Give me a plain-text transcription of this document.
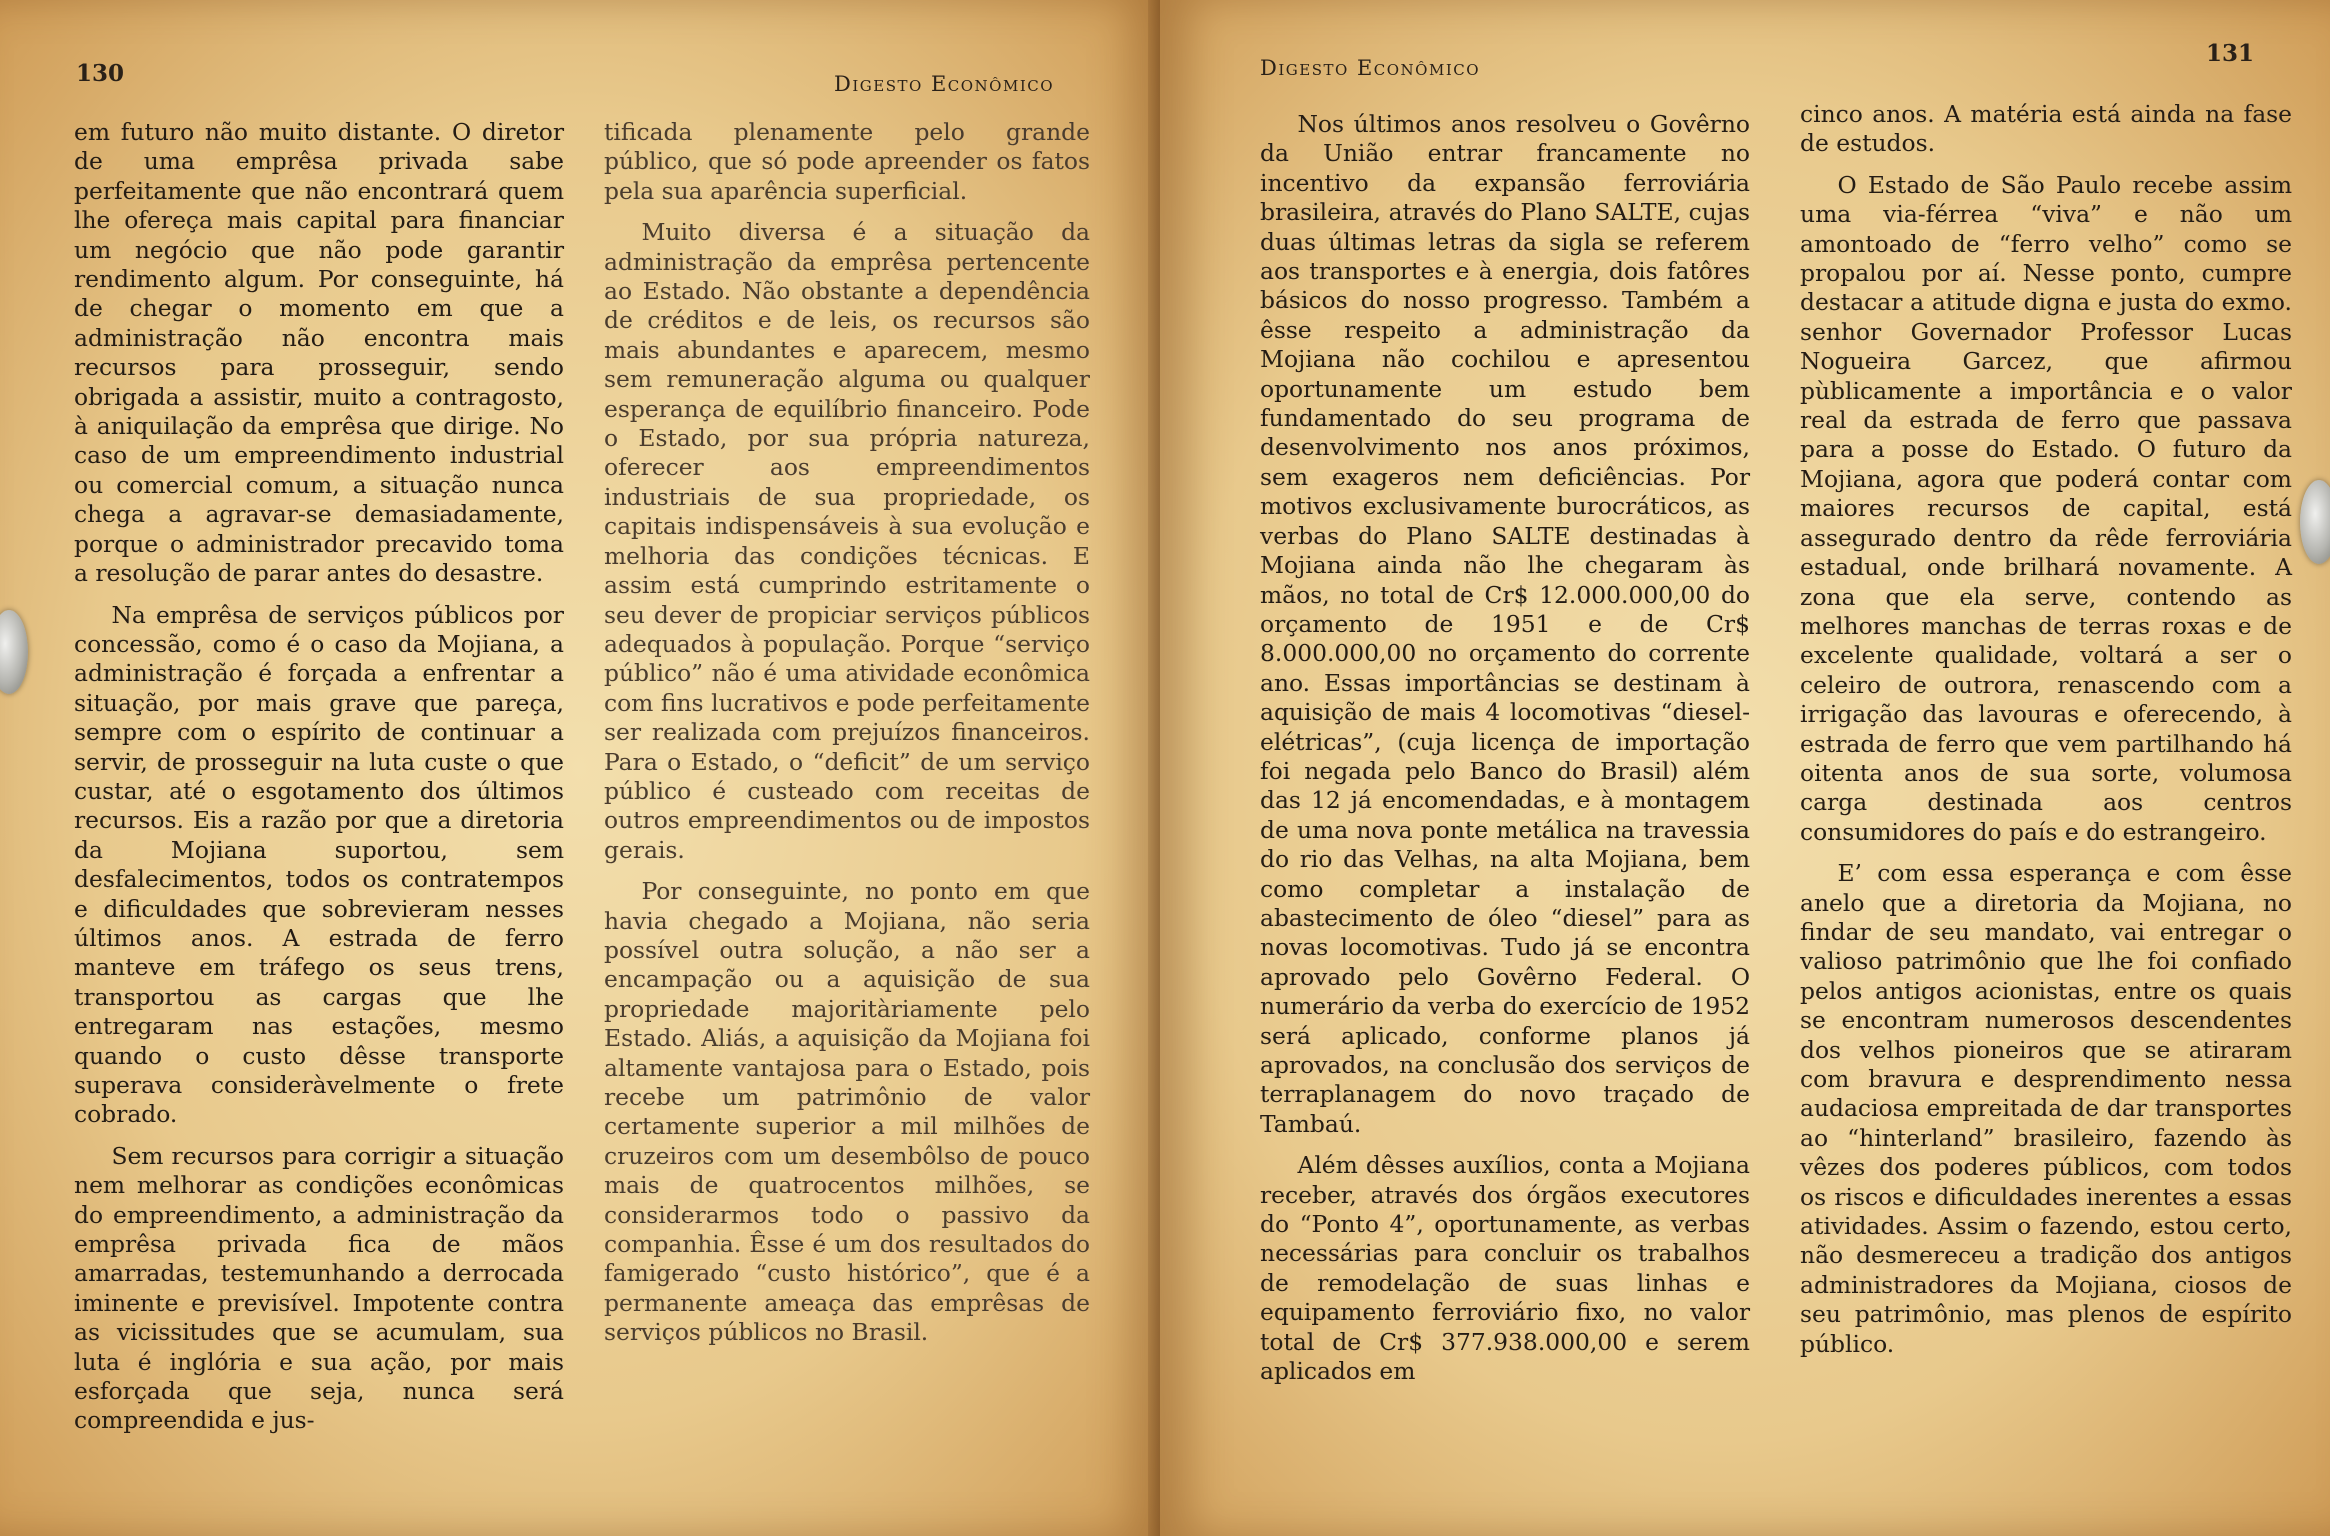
130	Digesto Econômico

em futuro não muito distante. O diretor de uma emprêsa privada sabe perfeitamente que não encontrará quem lhe ofereça mais capital para financiar um negócio que não pode garantir rendimento algum. Por conseguinte, há de chegar o momento em que a administração não encontra mais recursos para prosseguir, sendo obrigada a assistir, muito a contragosto, à aniquilação da emprêsa que dirige. No caso de um empreendimento industrial ou comercial comum, a situação nunca chega a agravar-se demasiadamente, porque o administrador precavido toma a resolução de parar antes do desastre.

Na emprêsa de serviços públicos por concessão, como é o caso da Mojiana, a administração é forçada a enfrentar a situação, por mais grave que pareça, sempre com o espírito de continuar a servir, de prosseguir na luta custe o que custar, até o esgotamento dos últimos recursos. Eis a razão por que a diretoria da Mojiana suportou, sem desfalecimentos, todos os contratempos e dificuldades que sobrevieram nesses últimos anos. A estrada de ferro manteve em tráfego os seus trens, transportou as cargas que lhe entregaram nas estações, mesmo quando o custo dêsse transporte superava consideràvelmente o frete cobrado.

Sem recursos para corrigir a situação nem melhorar as condições econômicas do empreendimento, a administração da emprêsa privada fica de mãos amarradas, testemunhando a derrocada iminente e previsível. Impotente contra as vicissitudes que se acumulam, sua luta é inglória e sua ação, por mais esforçada que seja, nunca será compreendida e jus-

tificada plenamente pelo grande público, que só pode apreender os fatos pela sua aparência superficial.

Muito diversa é a situação da administração da emprêsa pertencente ao Estado. Não obstante a dependência de créditos e de leis, os recursos são mais abundantes e aparecem, mesmo sem remuneração alguma ou qualquer esperança de equilíbrio financeiro. Pode o Estado, por sua própria natureza, oferecer aos empreendimentos industriais de sua propriedade, os capitais indispensáveis à sua evolução e melhoria das condições técnicas. E assim está cumprindo estritamente o seu dever de propiciar serviços públicos adequados à população. Porque “serviço público” não é uma atividade econômica com fins lucrativos e pode perfeitamente ser realizada com prejuízos financeiros. Para o Estado, o “deficit” de um serviço público é custeado com receitas de outros empreendimentos ou de impostos gerais.

Por conseguinte, no ponto em que havia chegado a Mojiana, não seria possível outra solução, a não ser a encampação ou a aquisição de sua propriedade majoritàriamente pelo Estado. Aliás, a aquisição da Mojiana foi altamente vantajosa para o Estado, pois recebe um patrimônio de valor certamente superior a mil milhões de cruzeiros com um desembôlso de pouco mais de quatrocentos milhões, se considerarmos todo o passivo da companhia. Êsse é um dos resultados do famigerado “custo histórico”, que é a permanente ameaça das emprêsas de serviços públicos no Brasil.

Digesto Econômico
131

Nos últimos anos resolveu o Govêrno da União entrar francamente no incentivo da expansão ferroviária brasileira, através do Plano SALTE, cujas duas últimas letras da sigla se referem aos transportes e à energia, dois fatôres básicos do nosso progresso. Também a êsse respeito a administração da Mojiana não cochilou e apresentou oportunamente um estudo bem fundamentado do seu programa de desenvolvimento nos anos próximos, sem exageros nem deficiências. Por motivos exclusivamente burocráticos, as verbas do Plano SALTE destinadas à Mojiana ainda não lhe chegaram às mãos, no total de Cr$ 12.000.000,00 do orçamento de 1951 e de Cr$ 8.000.000,00 no orçamento do corrente ano. Essas importâncias se destinam à aquisição de mais 4 locomotivas “diesel-elétricas”, (cuja licença de importação foi negada pelo Banco do Brasil) além das 12 já encomendadas, e à montagem de uma nova ponte metálica na travessia do rio das Velhas, na alta Mojiana, bem como completar a instalação de abastecimento de óleo “diesel” para as novas locomotivas. Tudo já se encontra aprovado pelo Govêrno Federal. O numerário da verba do exercício de 1952 será aplicado, conforme planos já aprovados, na conclusão dos serviços de terraplanagem do novo traçado de Tambaú.

Além dêsses auxílios, conta a Mojiana receber, através dos órgãos executores do “Ponto 4”, oportunamente, as verbas necessárias para concluir os trabalhos de remodelação de suas linhas e equipamento ferroviário fixo, no valor total de Cr$ 377.938.000,00 e serem aplicados em

cinco anos. A matéria está ainda na fase de estudos.

O Estado de São Paulo recebe assim uma via-férrea “viva” e não um amontoado de “ferro velho” como se propalou por aí. Nesse ponto, cumpre destacar a atitude digna e justa do exmo. senhor Governador Professor Lucas Nogueira Garcez, que afirmou pùblicamente a importância e o valor real da estrada de ferro que passava para a posse do Estado. O futuro da Mojiana, agora que poderá contar com maiores recursos de capital, está assegurado dentro da rêde ferroviária estadual, onde brilhará novamente. A zona que ela serve, contendo as melhores manchas de terras roxas e de excelente qualidade, voltará a ser o celeiro de outrora, renascendo com a irrigação das lavouras e oferecendo, à estrada de ferro que vem partilhando há oitenta anos de sua sorte, volumosa carga destinada aos centros consumidores do país e do estrangeiro.

E’ com essa esperança e com êsse anelo que a diretoria da Mojiana, no findar de seu mandato, vai entregar o valioso patrimônio que lhe foi confiado pelos antigos acionistas, entre os quais se encontram numerosos descendentes dos velhos pioneiros que se atiraram com bravura e desprendimento nessa audaciosa empreitada de dar transportes ao “hinterland” brasileiro, fazendo às vêzes dos poderes públicos, com todos os riscos e dificuldades inerentes a essas atividades. Assim o fazendo, estou certo, não desmereceu a tradição dos antigos administradores da Mojiana, ciosos de seu patrimônio, mas plenos de espírito público.
